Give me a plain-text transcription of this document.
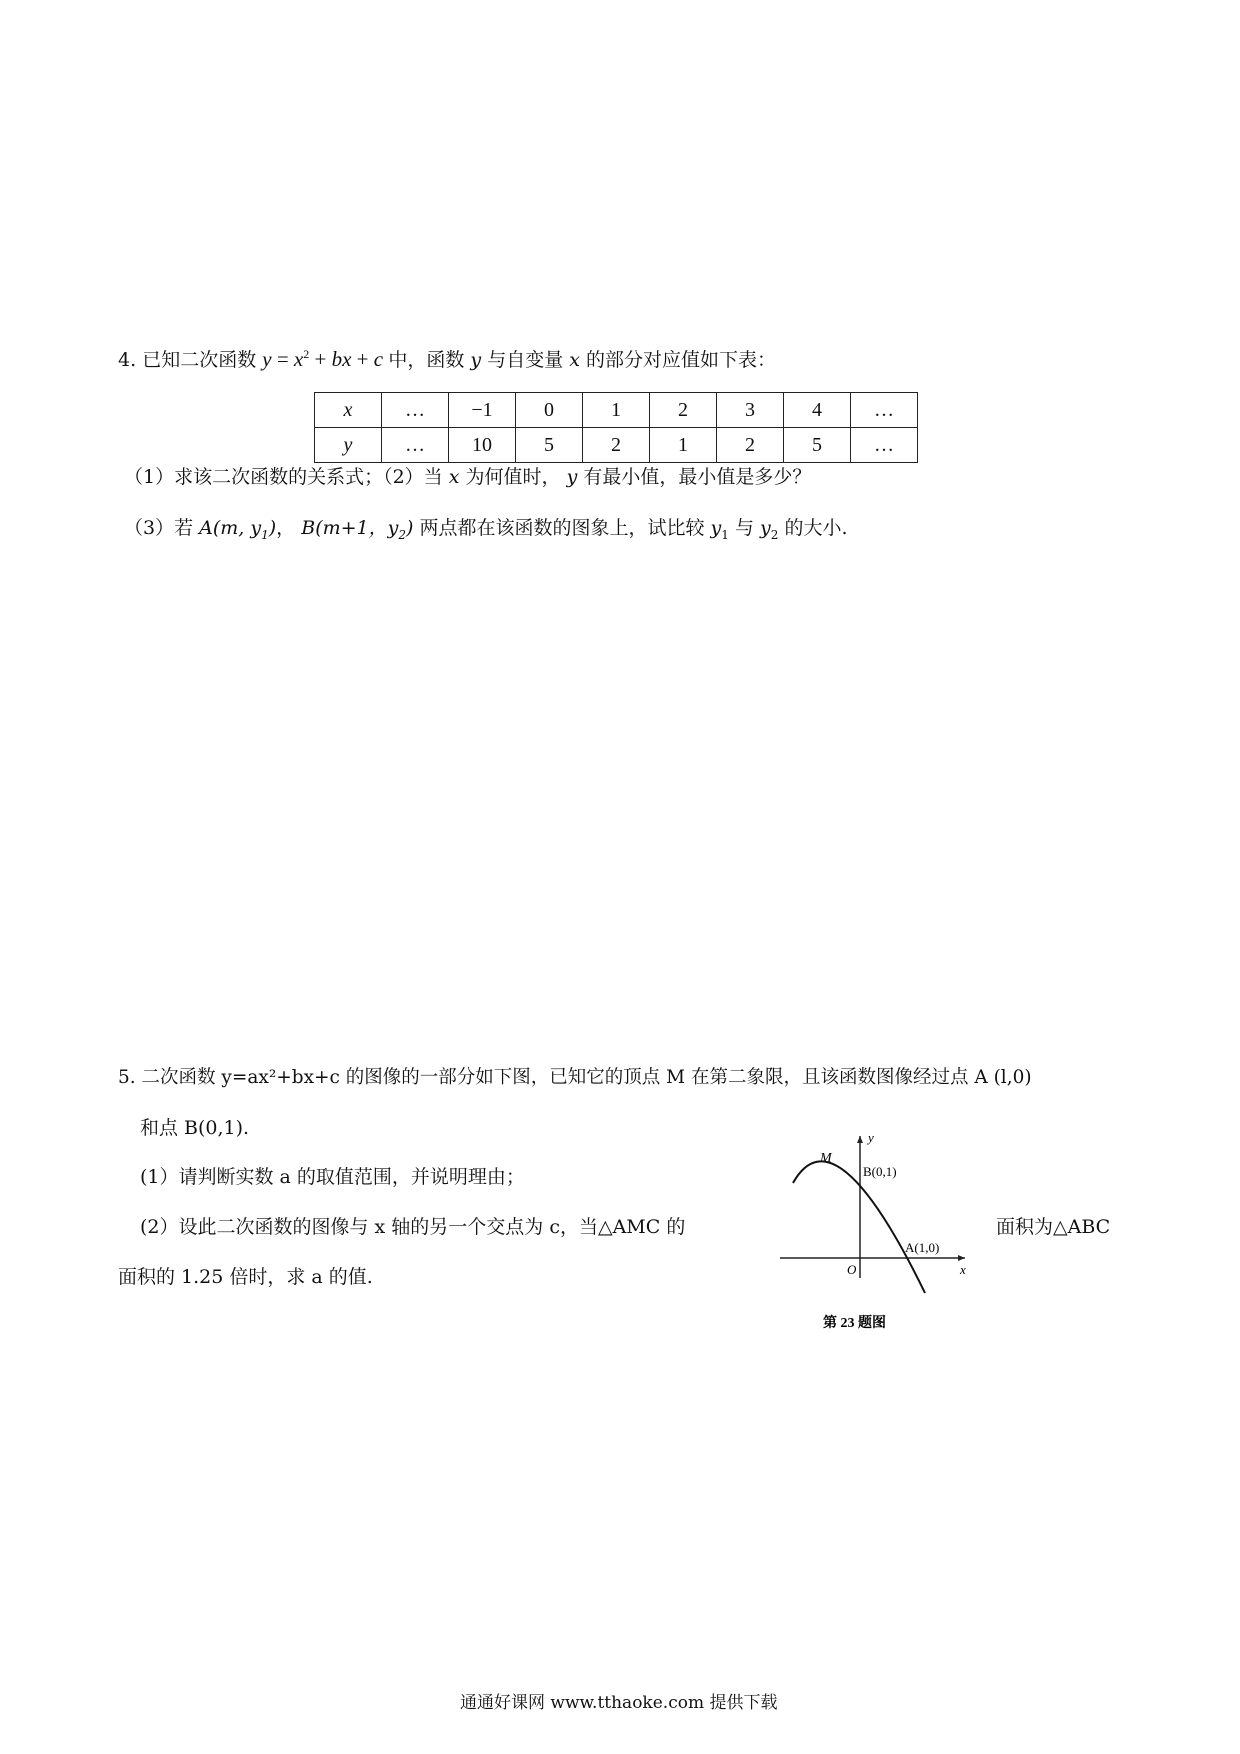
4. 已知二次函数 $y = x^2$ + bx + c 中，函数 y 与自变量 x 的部分对应值如下表：
x	…	−1	0	1	2	3	4	…
y	…	10	5	2	1	2	5	…
（1）求该二次函数的关系式；（2）当 x 为何值时， y 有最小值，最小值是多少？
（3）若 A(m, $y_1$)， B(m+1，$y_2$) 两点都在该函数的图象上，试比较 $y_1$ 与 $y_2$ 的大小.
5. 二次函数 y=ax²+bx+c 的图像的一部分如下图，已知它的顶点 M 在第二象限，且该函数图像经过点 A (l,0)
和点 B(0,1).
(1）请判断实数 a 的取值范围，并说明理由；
(2）设此二次函数的图像与 x 轴的另一个交点为 c，当△AMC 的	面积为△ABC
面积的 1.25 倍时，求 a 的值.
y
x
M
B(0,1)
A(1,0)
O
第 23 题图
通通好课网 www.tthaoke.com 提供下载
